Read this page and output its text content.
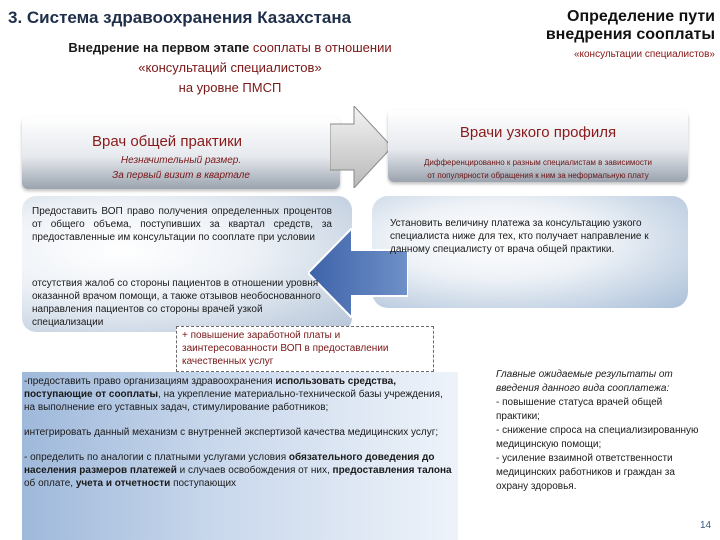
3. Система здравоохранения Казахстана
Внедрение на первом этапе сооплаты в отношении
«консультаций специалистов»
на уровне ПМСП
Определение пути
внедрения сооплаты
«консультации специалистов»
Врач общей практики
Незначительный размер.
За первый визит в квартале
Врачи узкого профиля
Дифференцированно к разным специалистам в зависимости
от популярности обращения к ним за неформальную плату
Предоставить ВОП право получения определенных процентов от общего объема, поступивших за квартал средств, за предоставленные им консультации по сооплате при условии
отсутствия жалоб со стороны пациентов в отношении уровня оказанной врачом помощи, а также отзывов необоснованного направления пациентов со стороны врачей узкой специализации
Установить величину платежа за консультацию узкого специалиста ниже для тех, кто получает направление к данному специалисту от врача общей практики.
+ повышение заработной платы и заинтересованности ВОП в предоставлении качественных услуг

-предоставить право организациям здравоохранения использовать средства, поступающие от сооплаты, на укрепление материально-технической базы учреждения, на выполнение его уставных задач, стимулирование работников;

интегрировать данный механизм с внутренней экспертизой качества медицинских услуг;

- определить по аналогии с платными услугами условия обязательного доведения до населения размеров платежей и случаев освобождения от них, предоставления талона об оплате, учета и отчетности поступающих

Главные ожидаемые результаты от введения данного вида сооплатежа:
- повышение статуса врачей общей практики;
- снижение спроса на специализированную медицинскую помощи;
- усиление взаимной ответственности медицинских работников и граждан за охрану здоровья.
14
